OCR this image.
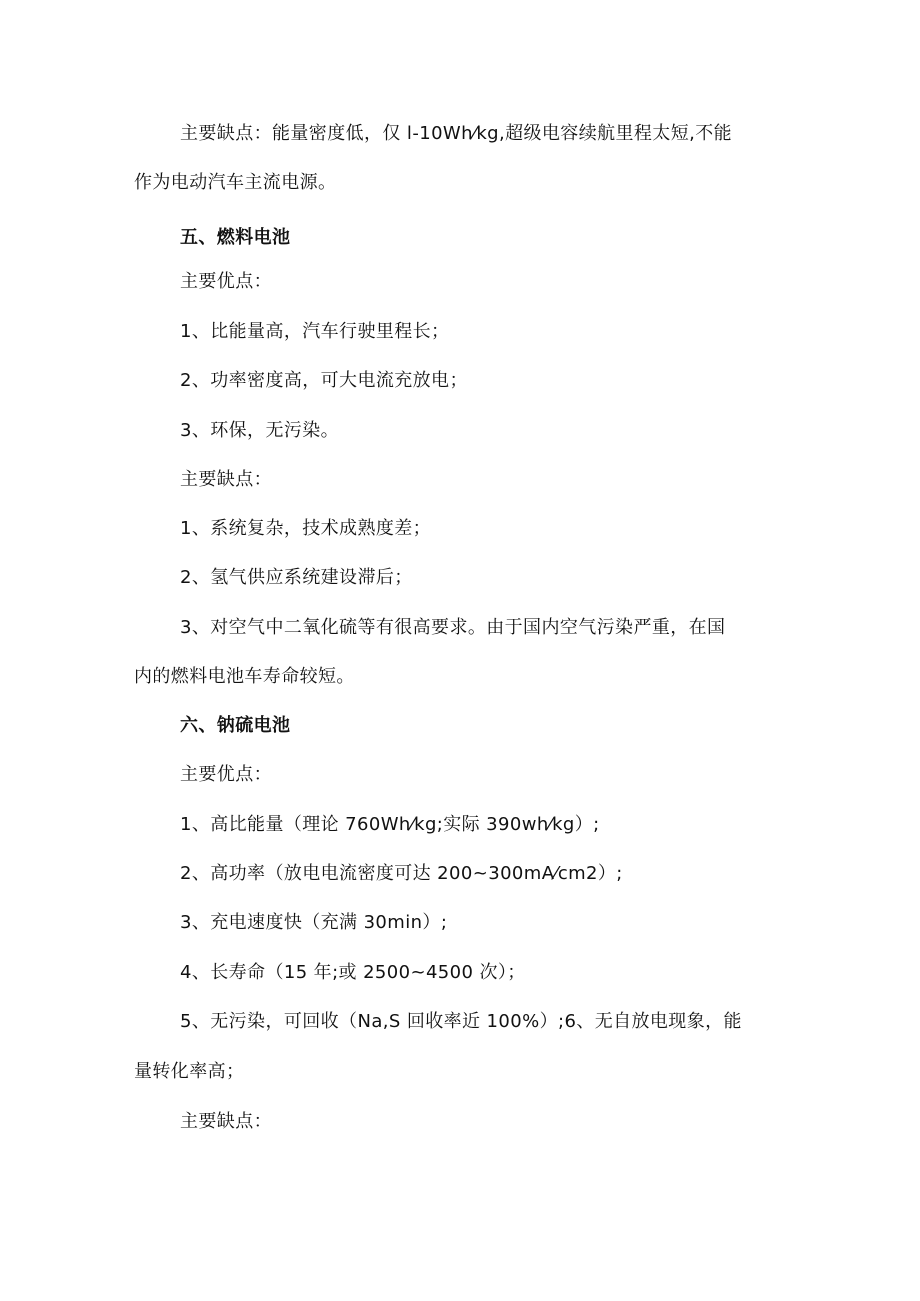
主要缺点：能量密度低，仅 l-10Wh⁄kg,超级电容续航里程太短,不能
作为电动汽车主流电源。
五、燃料电池
主要优点：
1、比能量高，汽车行驶里程长；
2、功率密度高，可大电流充放电；
3、环保，无污染。
主要缺点：
1、系统复杂，技术成熟度差；
2、氢气供应系统建设滞后；
3、对空气中二氧化硫等有很高要求。由于国内空气污染严重，在国
内的燃料电池车寿命较短。
六、钠硫电池
主要优点：
1、高比能量（理论 760Wh⁄kg;实际 390wh⁄kg）;
2、高功率（放电电流密度可达 200~300mA⁄cm2）;
3、充电速度快（充满 30min）;
4、长寿命（15 年;或 2500~4500 次）；
5、无污染，可回收（Na,S 回收率近 100%）;6、无自放电现象，能
量转化率高；
主要缺点：
